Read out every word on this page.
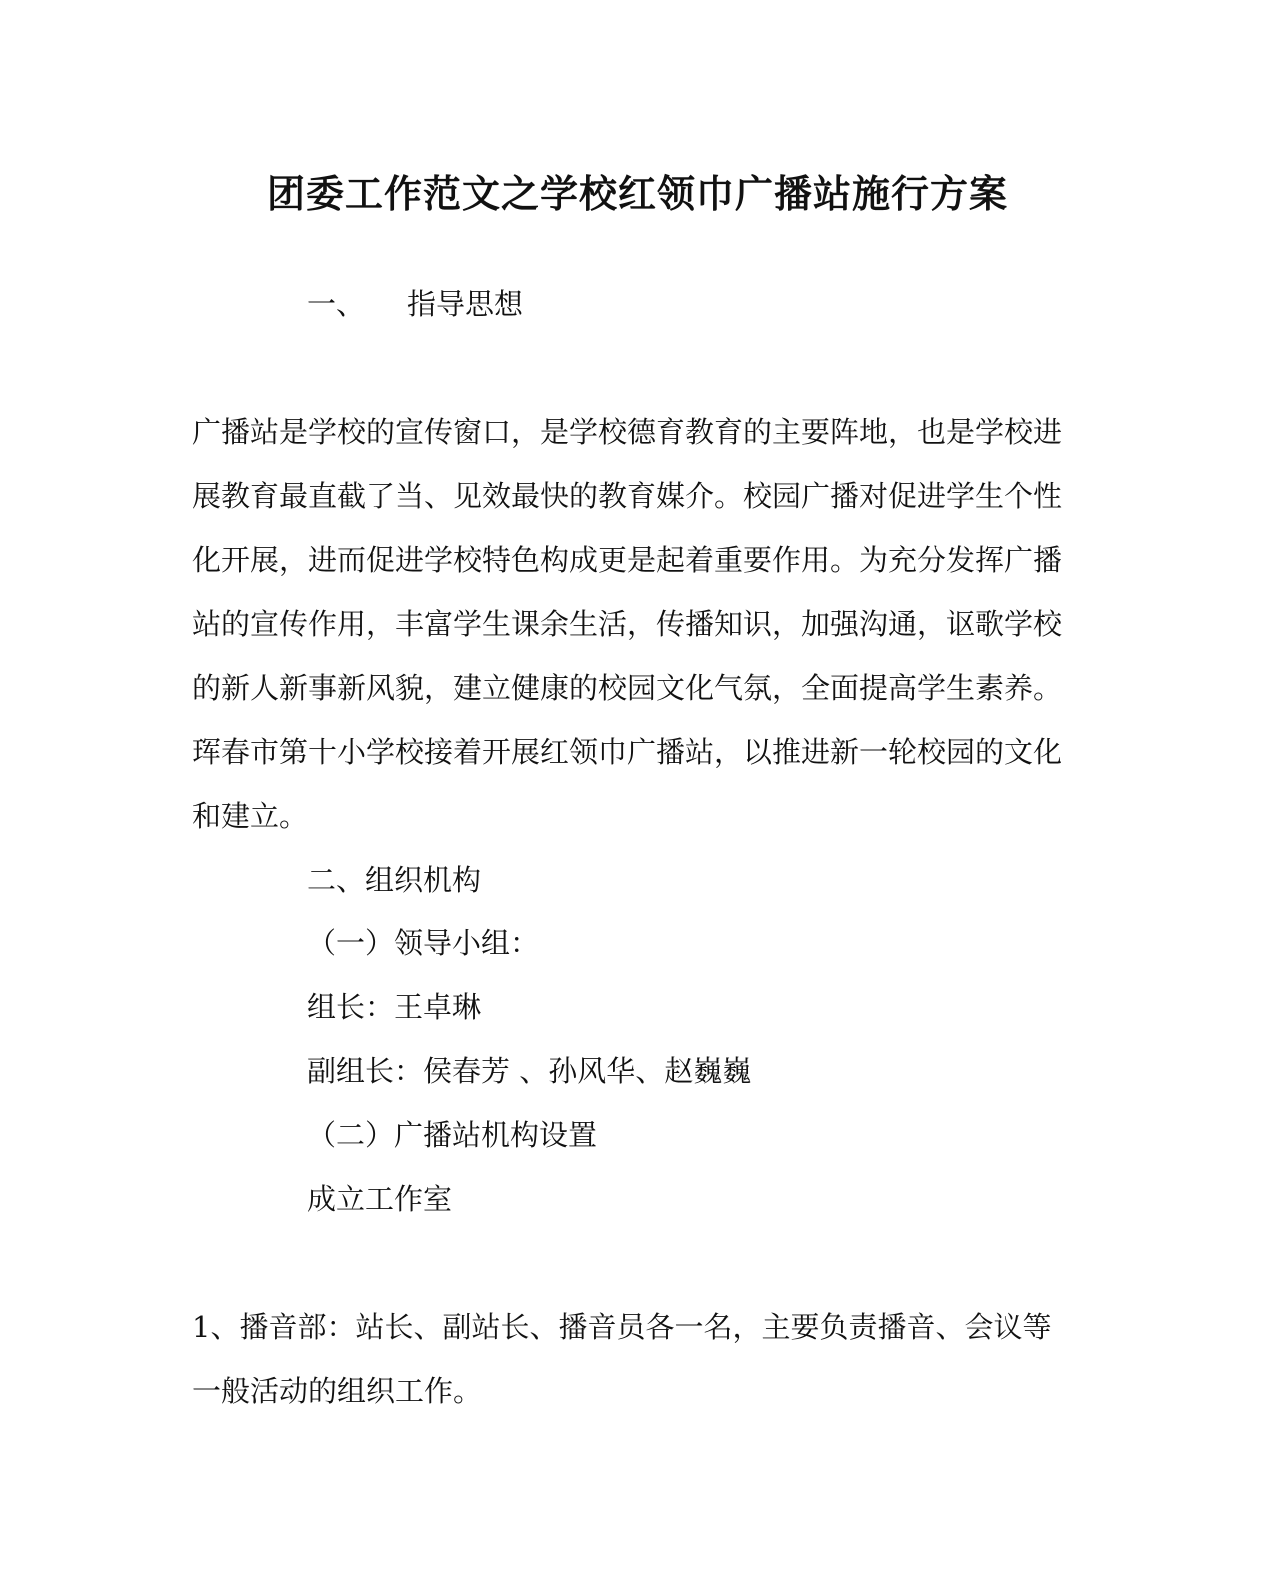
团委工作范文之学校红领巾广播站施行方案
一、 指导思想
广播站是学校的宣传窗口，是学校德育教育的主要阵地，也是学校进
展教育最直截了当、见效最快的教育媒介。校园广播对促进学生个性
化开展，进而促进学校特色构成更是起着重要作用。为充分发挥广播
站的宣传作用，丰富学生课余生活，传播知识，加强沟通，讴歌学校
的新人新事新风貌，建立健康的校园文化气氛，全面提高学生素养。
珲春市第十小学校接着开展红领巾广播站，以推进新一轮校园的文化
和建立。
二、组织机构
（一）领导小组：
组长：王卓琳
副组长：侯春芳 、孙风华、赵巍巍
（二）广播站机构设置
成立工作室
1、播音部：站长、副站长、播音员各一名，主要负责播音、会议等
一般活动的组织工作。
